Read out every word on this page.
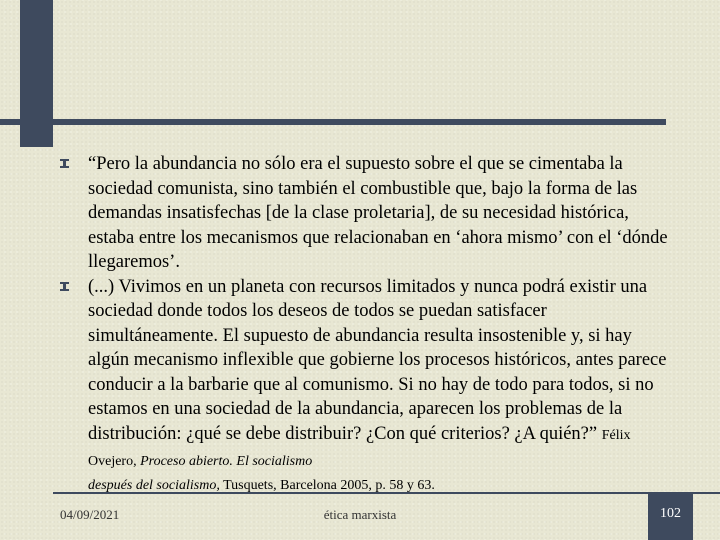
“Pero la abundancia no sólo era el supuesto sobre el que se cimentaba la sociedad comunista, sino también el combustible que, bajo la forma de las demandas insatisfechas [de la clase proletaria], de su necesidad histórica, estaba entre los mecanismos que relacionaban en ‘ahora mismo’ con el ‘dónde llegaremos’.
(...) Vivimos en un planeta con recursos limitados y nunca podrá existir una sociedad donde todos los deseos de todos se puedan satisfacer simultáneamente. El supuesto de abundancia resulta insostenible y, si hay algún mecanismo inflexible que gobierne los procesos históricos, antes parece conducir a la barbarie que al comunismo. Si no hay de todo para todos, si no estamos en una sociedad de la abundancia, aparecen los problemas de la distribución: ¿qué se debe distribuir? ¿Con qué criterios? ¿A quién?” Félix Ovejero, Proceso abierto. El socialismo
después del socialismo, Tusquets, Barcelona 2005, p. 58 y 63.
04/09/2021	ética marxista	102
